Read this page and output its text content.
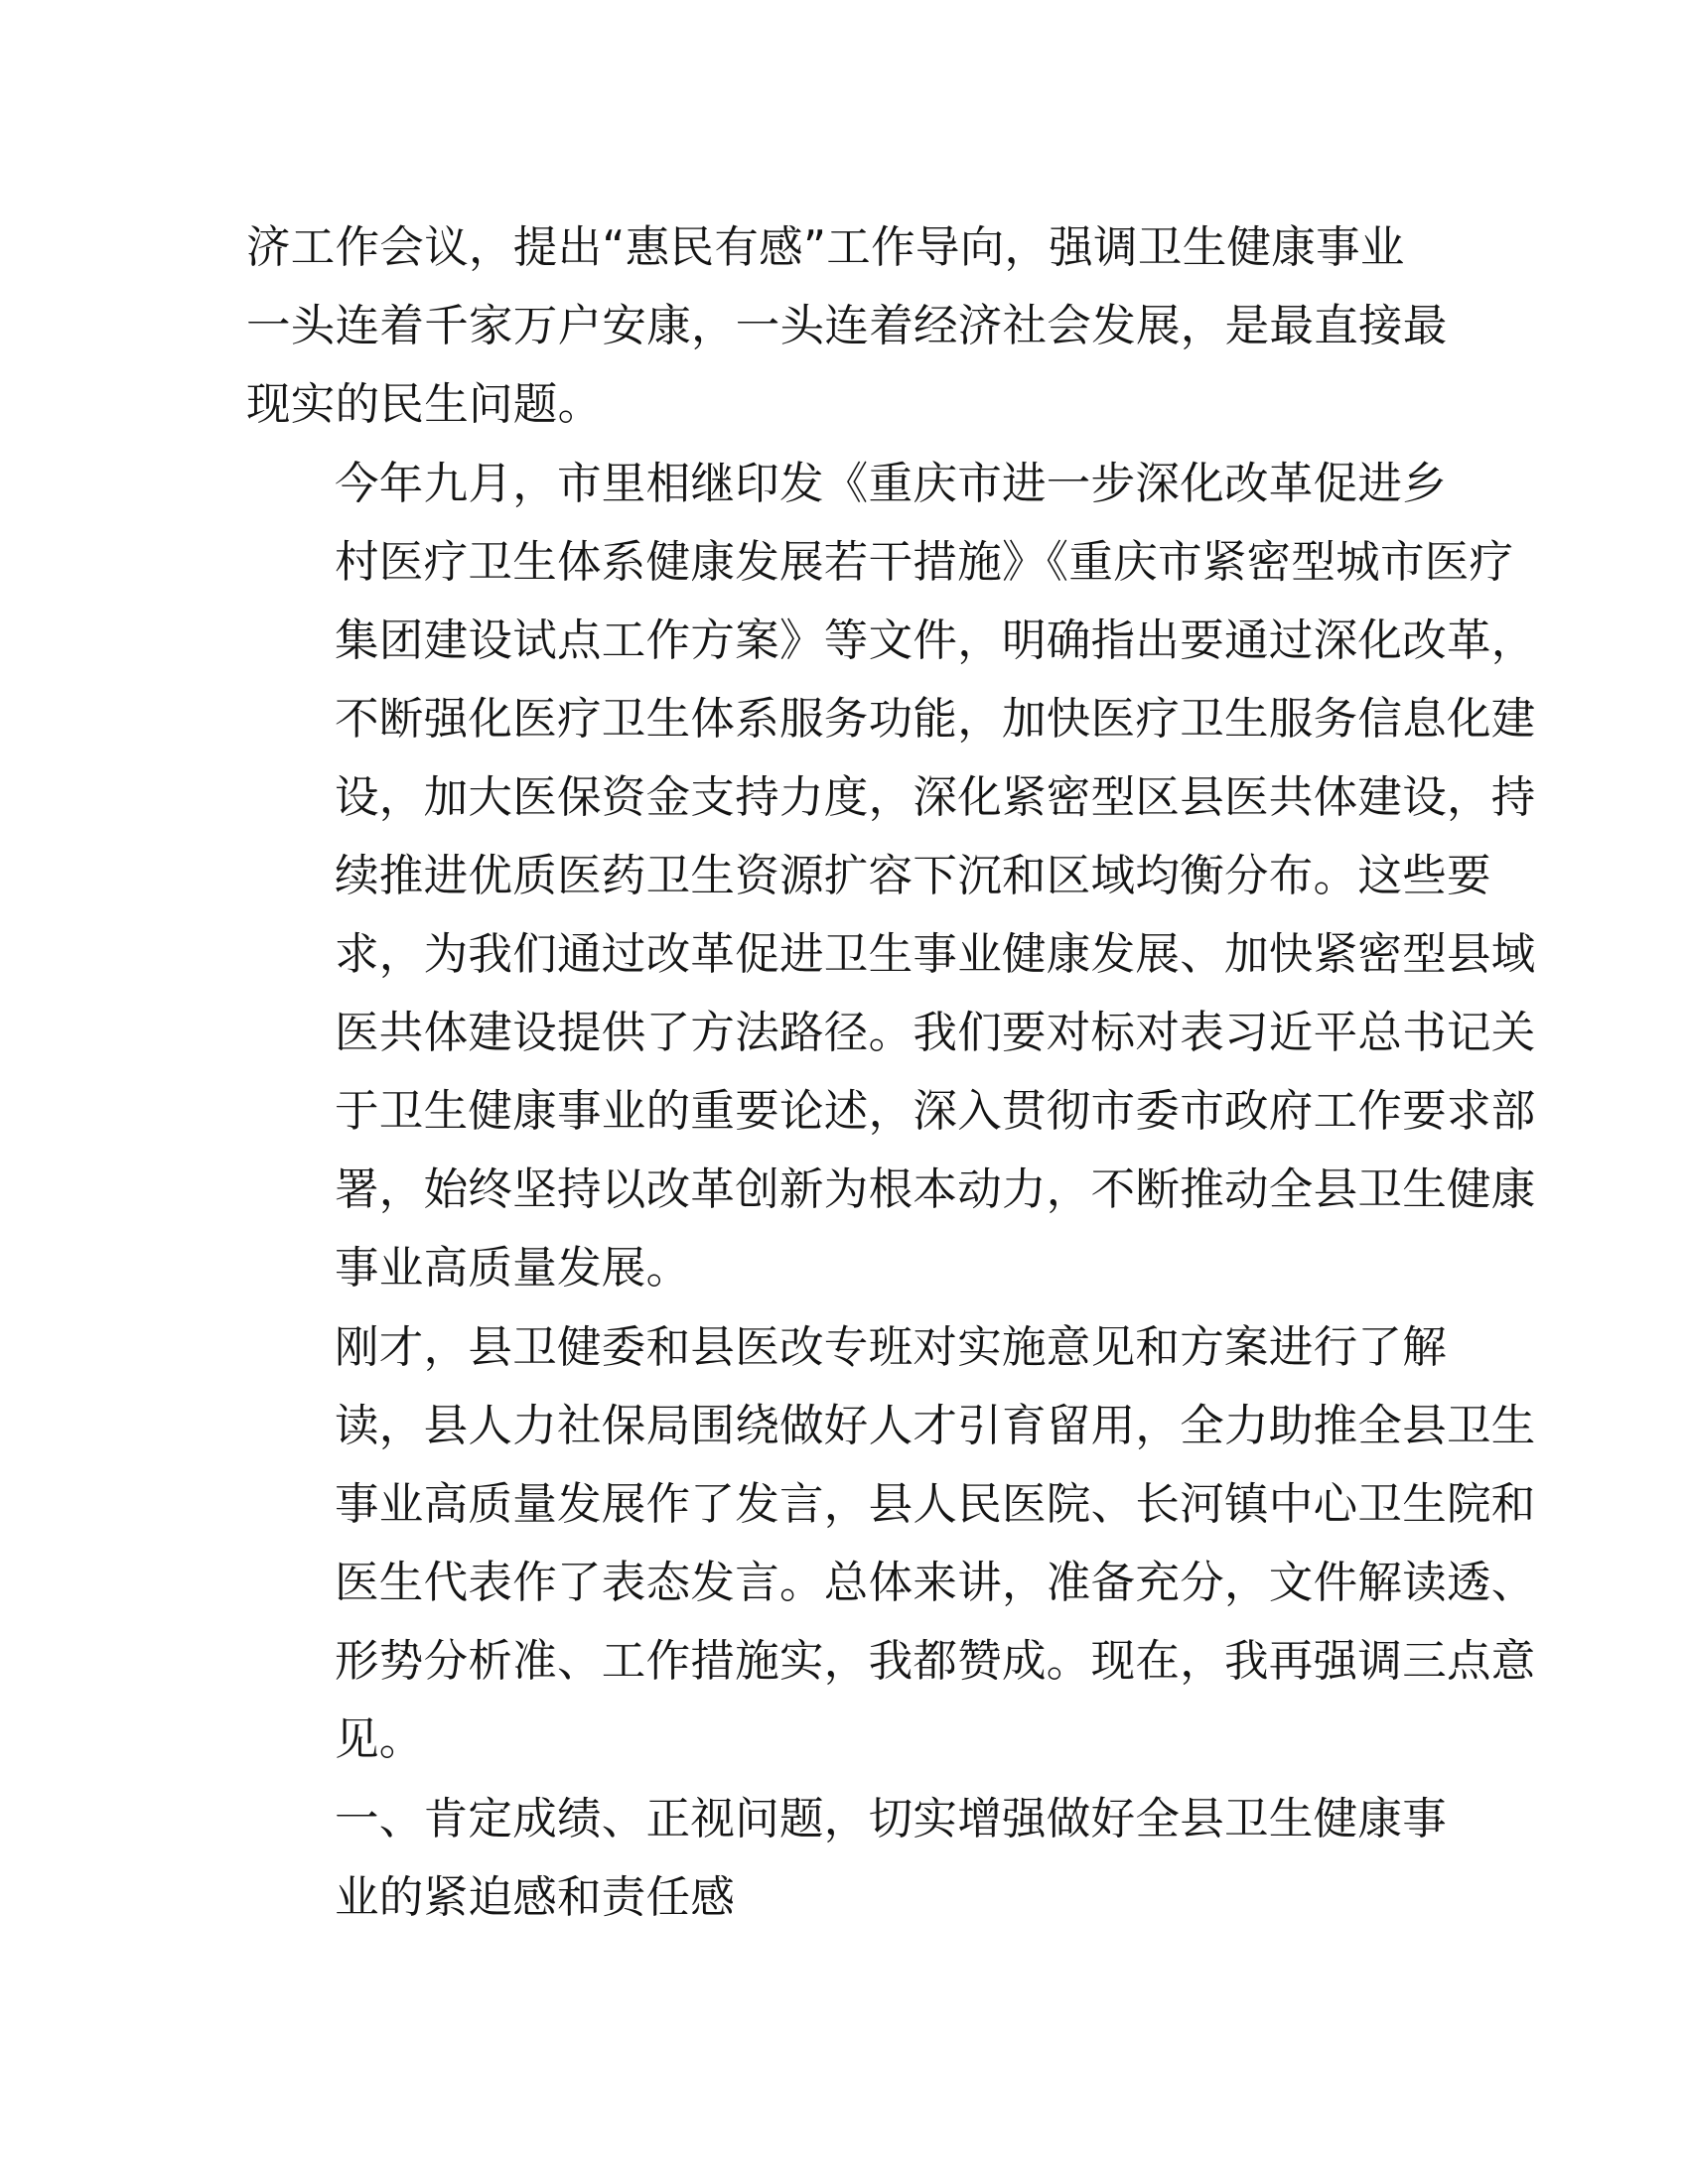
济工作会议，提出“惠民有感”工作导向，强调卫生健康事业
一头连着千家万户安康，一头连着经济社会发展，是最直接最
现实的民生问题。

今年九月，市里相继印发《重庆市进一步深化改革促进乡
村医疗卫生体系健康发展若干措施》《重庆市紧密型城市医疗
集团建设试点工作方案》等文件，明确指出要通过深化改革，
不断强化医疗卫生体系服务功能，加快医疗卫生服务信息化建
设，加大医保资金支持力度，深化紧密型区县医共体建设，持
续推进优质医药卫生资源扩容下沉和区域均衡分布。这些要
求，为我们通过改革促进卫生事业健康发展、加快紧密型县域
医共体建设提供了方法路径。我们要对标对表习近平总书记关
于卫生健康事业的重要论述，深入贯彻市委市政府工作要求部
署，始终坚持以改革创新为根本动力，不断推动全县卫生健康
事业高质量发展。

刚才，县卫健委和县医改专班对实施意见和方案进行了解
读，县人力社保局围绕做好人才引育留用，全力助推全县卫生
事业高质量发展作了发言，县人民医院、长河镇中心卫生院和
医生代表作了表态发言。总体来讲，准备充分，文件解读透、
形势分析准、工作措施实，我都赞成。现在，我再强调三点意
见。

一、肯定成绩、正视问题，切实增强做好全县卫生健康事
业的紧迫感和责任感
